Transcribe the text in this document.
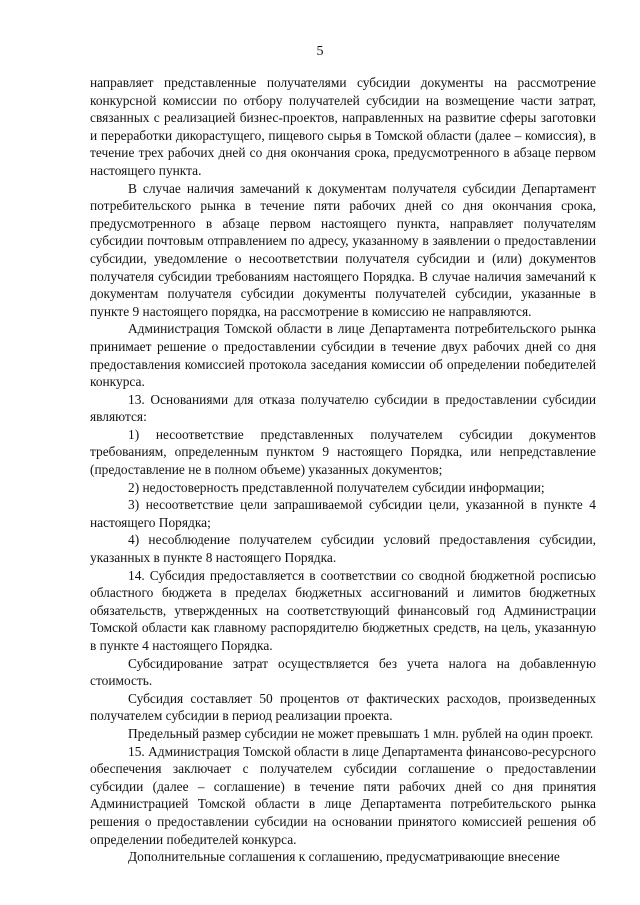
5

направляет представленные получателями субсидии документы на рассмотрение конкурсной комиссии по отбору получателей субсидии на возмещение части затрат, связанных с реализацией бизнес-проектов, направленных на развитие сферы заготовки и переработки дикорастущего, пищевого сырья в Томской области (далее – комиссия), в течение трех рабочих дней со дня окончания срока, предусмотренного в абзаце первом настоящего пункта.

В случае наличия замечаний к документам получателя субсидии Департамент потребительского рынка в течение пяти рабочих дней со дня окончания срока, предусмотренного в абзаце первом настоящего пункта, направляет получателям субсидии почтовым отправлением по адресу, указанному в заявлении о предоставлении субсидии, уведомление о несоответствии получателя субсидии и (или) документов получателя субсидии требованиям настоящего Порядка. В случае наличия замечаний к документам получателя субсидии документы получателей субсидии, указанные в пункте 9 настоящего порядка, на рассмотрение в комиссию не направляются.

Администрация Томской области в лице Департамента потребительского рынка принимает решение о предоставлении субсидии в течение двух рабочих дней со дня предоставления комиссией протокола заседания комиссии об определении победителей конкурса.

13. Основаниями для отказа получателю субсидии в предоставлении субсидии являются:

1) несоответствие представленных получателем субсидии документов требованиям, определенным пунктом 9 настоящего Порядка, или непредставление (предоставление не в полном объеме) указанных документов;

2) недостоверность представленной получателем субсидии информации;

3) несоответствие цели запрашиваемой субсидии цели, указанной в пункте 4 настоящего Порядка;

4) несоблюдение получателем субсидии условий предоставления субсидии, указанных в пункте 8 настоящего Порядка.

14. Субсидия предоставляется в соответствии со сводной бюджетной росписью областного бюджета в пределах бюджетных ассигнований и лимитов бюджетных обязательств, утвержденных на соответствующий финансовый год Администрации Томской области как главному распорядителю бюджетных средств, на цель, указанную в пункте 4 настоящего Порядка.

Субсидирование затрат осуществляется без учета налога на добавленную стоимость.

Субсидия составляет 50 процентов от фактических расходов, произведенных получателем субсидии в период реализации проекта.

Предельный размер субсидии не может превышать 1 млн. рублей на один проект.

15. Администрация Томской области в лице Департамента финансово-ресурсного обеспечения заключает с получателем субсидии соглашение о предоставлении субсидии (далее – соглашение) в течение пяти рабочих дней со дня принятия Администрацией Томской области в лице Департамента потребительского рынка решения о предоставлении субсидии на основании принятого комиссией решения об определении победителей конкурса.

Дополнительные соглашения к соглашению, предусматривающие внесение
